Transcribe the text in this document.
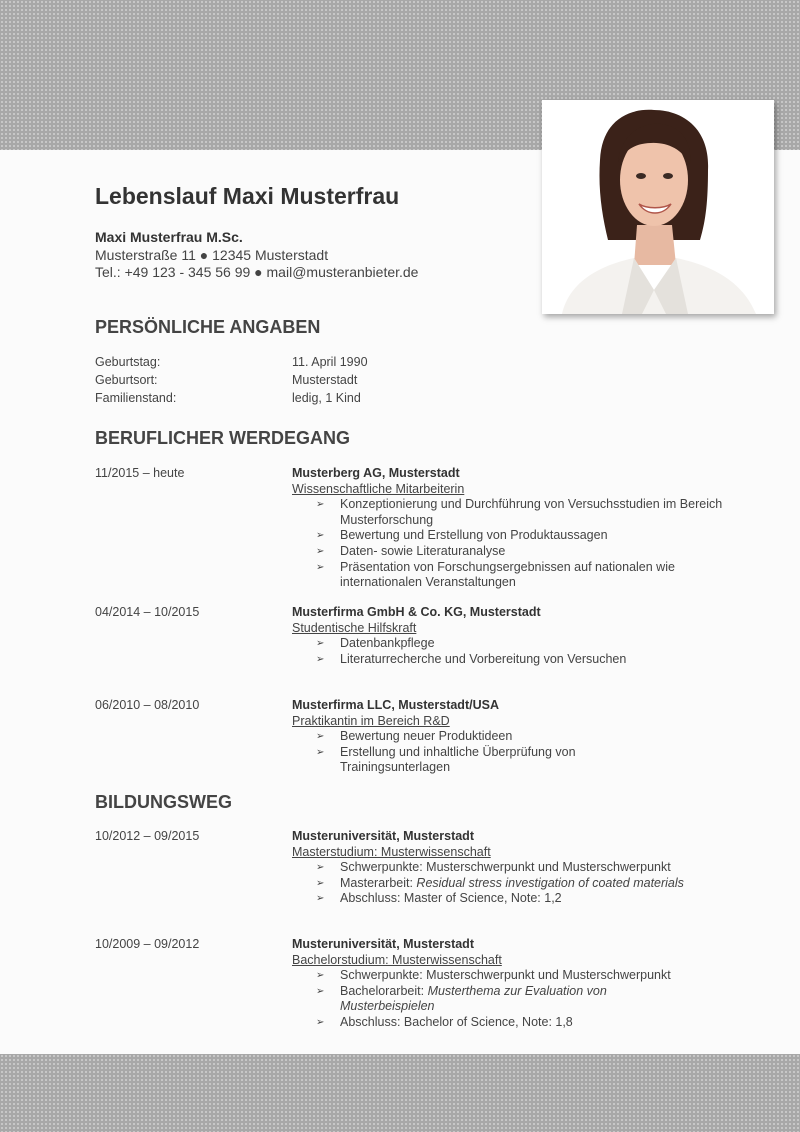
Lebenslauf Maxi Musterfrau
Maxi Musterfrau M.Sc.
Musterstraße 11 ● 12345 Musterstadt
Tel.: +49 123 - 345 56 99 ● mail@musteranbieter.de
PERSÖNLICHE ANGABEN
Geburtstag:	11. April 1990
Geburtsort:	Musterstadt
Familienstand:	ledig, 1 Kind
BERUFLICHER WERDEGANG
11/2015 – heute	Musterberg AG, Musterstadt
Wissenschaftliche Mitarbeiterin
➢ Konzeptionierung und Durchführung von Versuchsstudien im Bereich Musterforschung
➢ Bewertung und Erstellung von Produktaussagen
➢ Daten- sowie Literaturanalyse
➢ Präsentation von Forschungsergebnissen auf nationalen wie internationalen Veranstaltungen
04/2014 – 10/2015	Musterfirma GmbH & Co. KG, Musterstadt
Studentische Hilfskraft
➢ Datenbankpflege
➢ Literaturrecherche und Vorbereitung von Versuchen
06/2010 – 08/2010	Musterfirma LLC, Musterstadt/USA
Praktikantin im Bereich R&D
➢ Bewertung neuer Produktideen
➢ Erstellung und inhaltliche Überprüfung von Trainingsunterlagen
BILDUNGSWEG
10/2012 – 09/2015	Musteruniversität, Musterstadt
Masterstudium: Musterwissenschaft
➢ Schwerpunkte: Musterschwerpunkt und Musterschwerpunkt
➢ Masterarbeit: Residual stress investigation of coated materials
➢ Abschluss: Master of Science, Note: 1,2
10/2009 – 09/2012	Musteruniversität, Musterstadt
Bachelorstudium: Musterwissenschaft
➢ Schwerpunkte: Musterschwerpunkt und Musterschwerpunkt
➢ Bachelorarbeit: Musterthema zur Evaluation von Musterbeispielen
➢ Abschluss: Bachelor of Science, Note: 1,8
